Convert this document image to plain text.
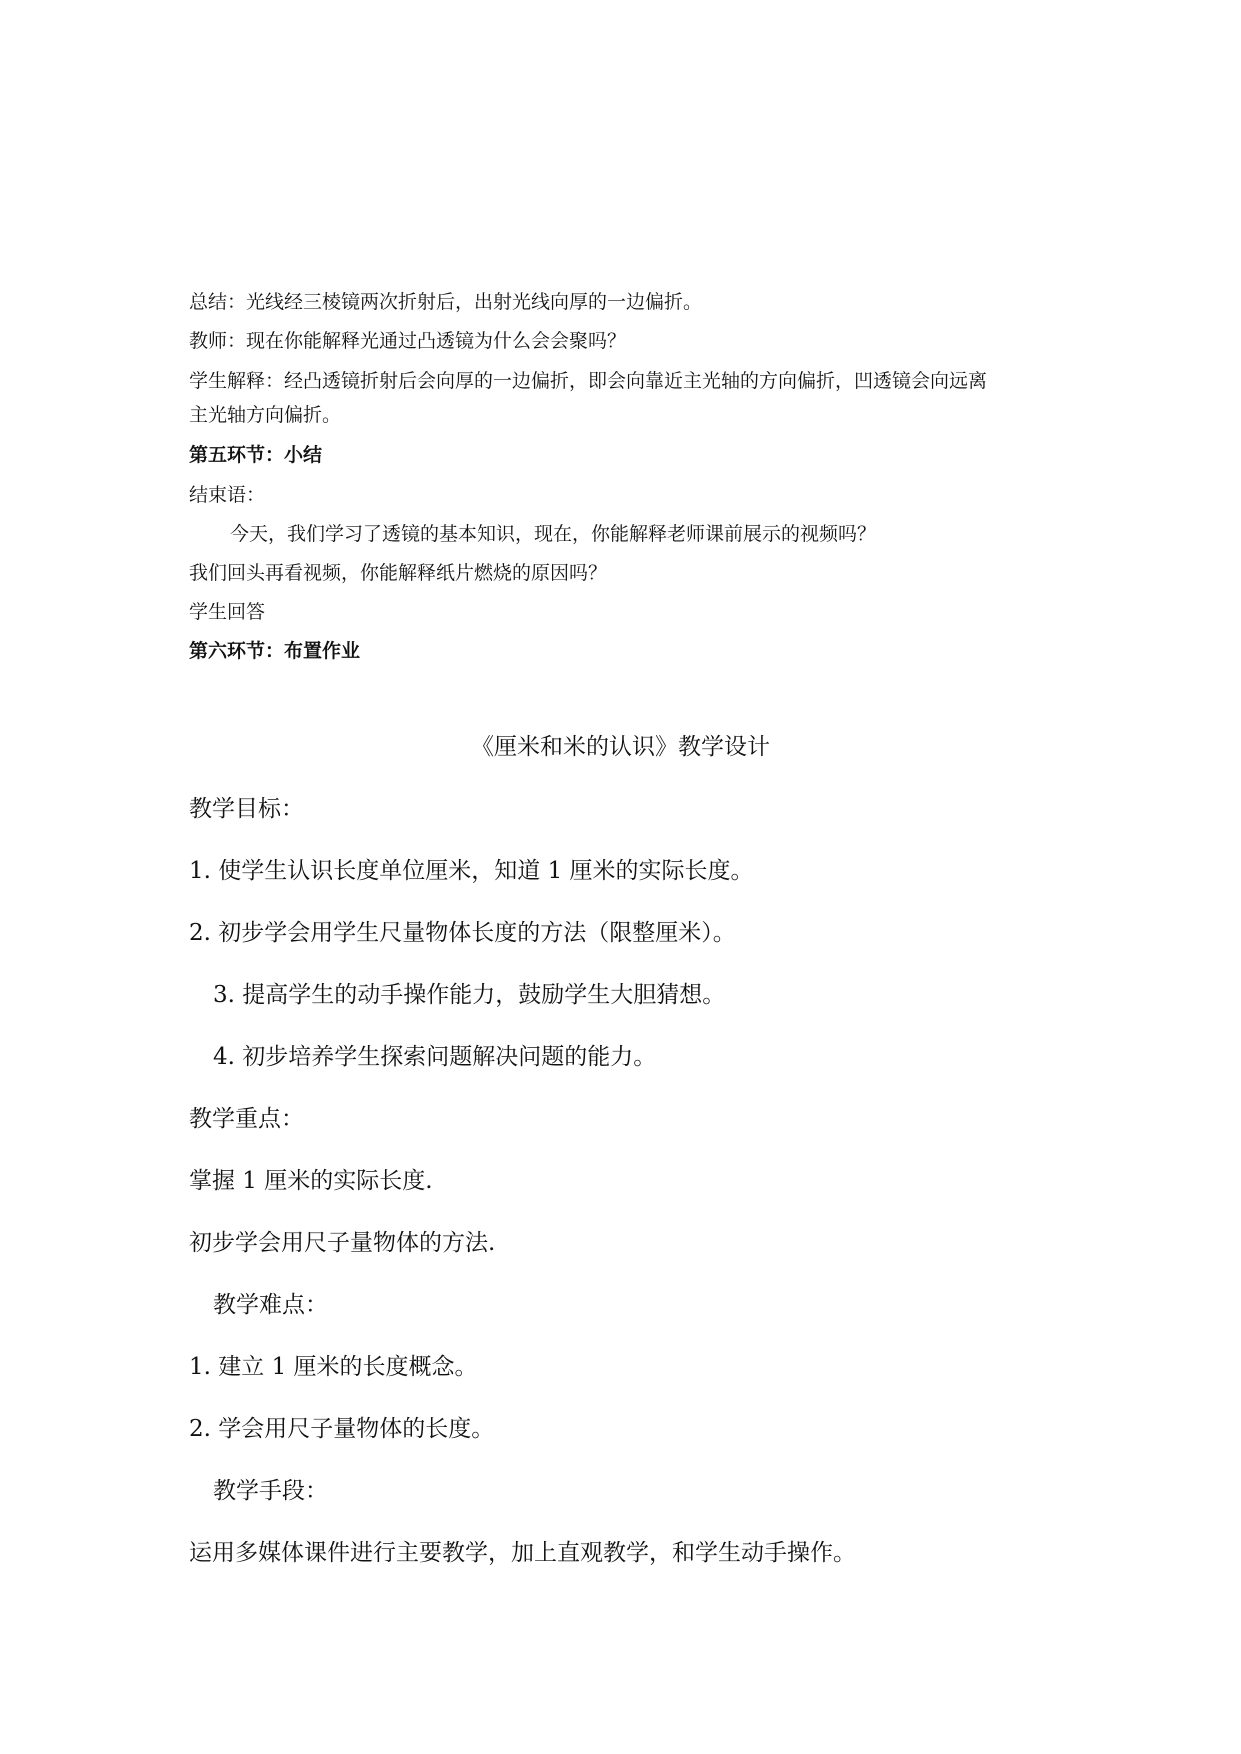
总结：光线经三棱镜两次折射后，出射光线向厚的一边偏折。
教师：现在你能解释光通过凸透镜为什么会会聚吗？
学生解释：经凸透镜折射后会向厚的一边偏折，即会向靠近主光轴的方向偏折，凹透镜会向远离
主光轴方向偏折。
第五环节：小结
结束语：
今天，我们学习了透镜的基本知识，现在，你能解释老师课前展示的视频吗？
我们回头再看视频，你能解释纸片燃烧的原因吗？
学生回答
第六环节：布置作业
《厘米和米的认识》教学设计
教学目标：
1. 使学生认识长度单位厘米，知道 1 厘米的实际长度。
2. 初步学会用学生尺量物体长度的方法（限整厘米）。
3. 提高学生的动手操作能力，鼓励学生大胆猜想。
4. 初步培养学生探索问题解决问题的能力。
教学重点：
掌握 1 厘米的实际长度.
初步学会用尺子量物体的方法.
教学难点：
1. 建立 1 厘米的长度概念。
2. 学会用尺子量物体的长度。
教学手段：
运用多媒体课件进行主要教学，加上直观教学，和学生动手操作。
